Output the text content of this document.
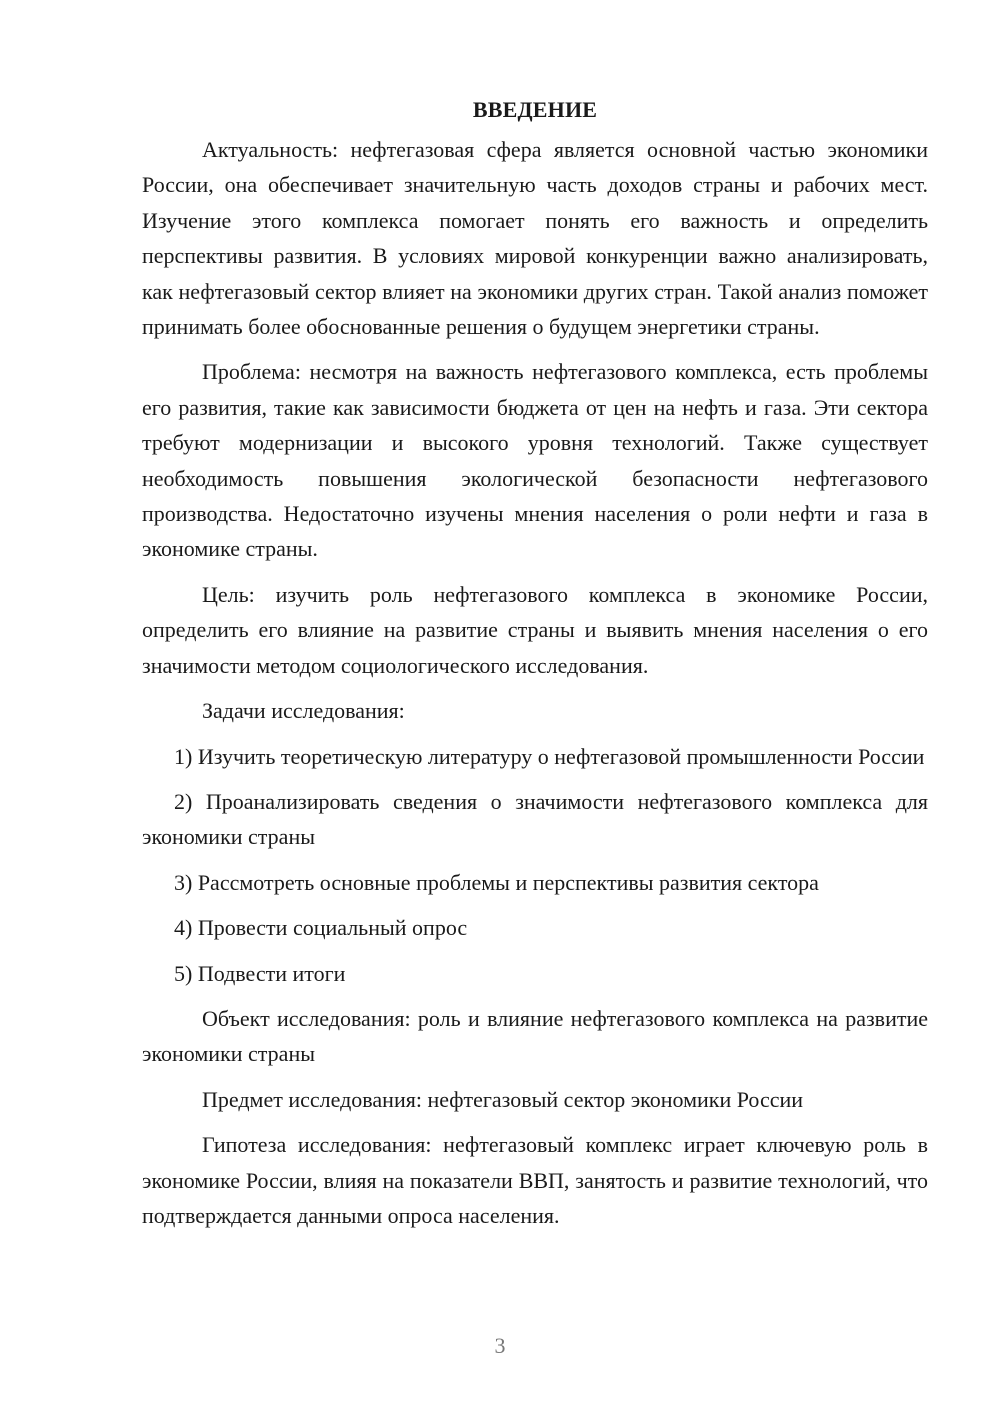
ВВЕДЕНИЕ

Актуальность: нефтегазовая сфера является основной частью экономики России, она обеспечивает значительную часть доходов страны и рабочих мест. Изучение этого комплекса помогает понять его важность и определить перспективы развития. В условиях мировой конкуренции важно анализировать, как нефтегазовый сектор влияет на экономики других стран. Такой анализ поможет принимать более обоснованные решения о будущем энергетики страны.

Проблема: несмотря на важность нефтегазового комплекса, есть проблемы его развития, такие как зависимости бюджета от цен на нефть и газа. Эти сектора требуют модернизации и высокого уровня технологий. Также существует необходимость повышения экологической безопасности нефтегазового производства. Недостаточно изучены мнения населения о роли нефти и газа в экономике страны.

Цель: изучить роль нефтегазового комплекса в экономике России, определить его влияние на развитие страны и выявить мнения населения о его значимости методом социологического исследования.

Задачи исследования:

1) Изучить теоретическую литературу о нефтегазовой промышленности России

2) Проанализировать сведения о значимости нефтегазового комплекса для экономики страны

3) Рассмотреть основные проблемы и перспективы развития сектора

4) Провести социальный опрос

5) Подвести итоги

Объект исследования: роль и влияние нефтегазового комплекса на развитие экономики страны

Предмет исследования: нефтегазовый сектор экономики России

Гипотеза исследования: нефтегазовый комплекс играет ключевую роль в экономике России, влияя на показатели ВВП, занятость и развитие технологий, что подтверждается данными опроса населения.

3
